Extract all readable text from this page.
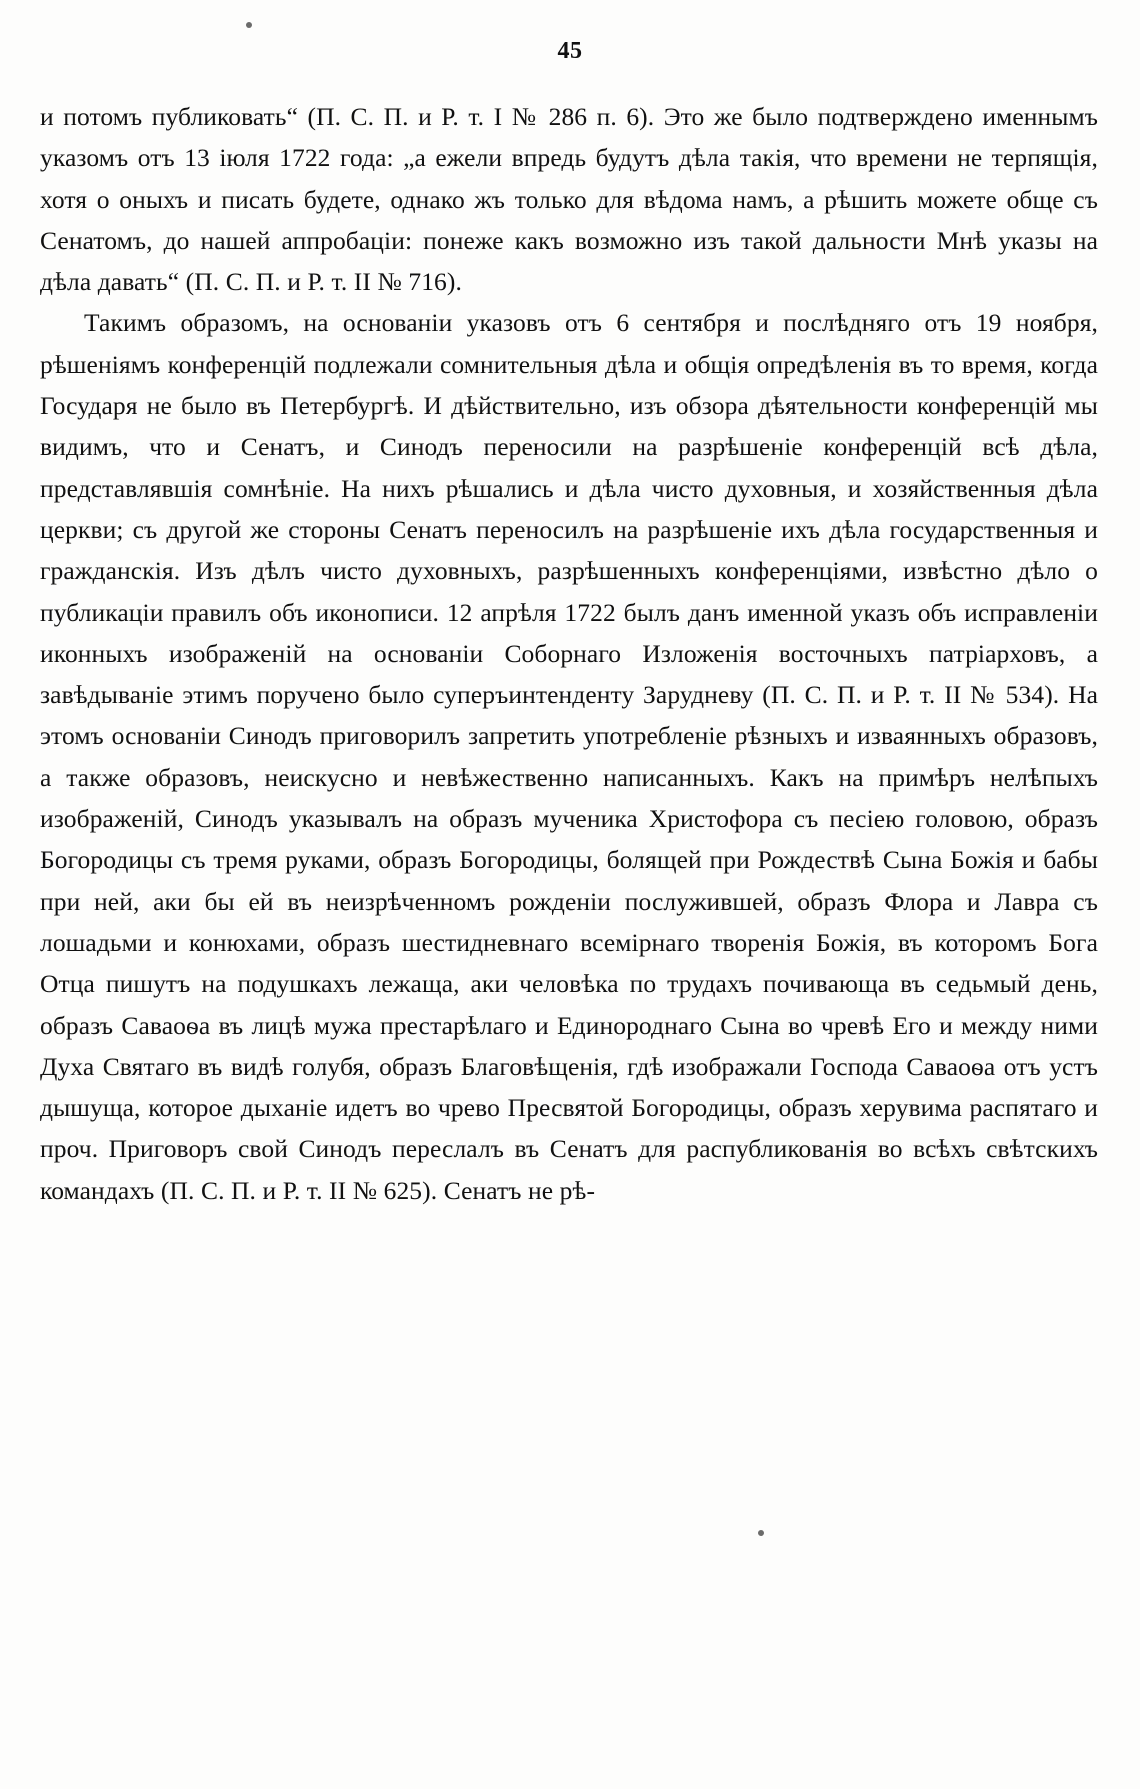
45

и потомъ публиковать“ (П. С. П. и Р. т. I № 286 п. 6). Это же было подтверждено именнымъ указомъ отъ 13 іюля 1722 года: „а ежели впредь будутъ дѣла такія, что времени не терпящія, хотя о оныхъ и писать будете, однако жъ только для вѣдома намъ, а рѣшить можете обще съ Сенатомъ, до нашей аппробаціи: понеже какъ возможно изъ такой дальности Мнѣ указы на дѣла давать“ (П. С. П. и Р. т. II № 716).

Такимъ образомъ, на основаніи указовъ отъ 6 сентября и послѣдняго отъ 19 ноября, рѣшеніямъ конференцій подлежали сомнительныя дѣла и общія опредѣленія въ то время, когда Государя не было въ Петербургѣ. И дѣйствительно, изъ обзора дѣятельности конференцій мы видимъ, что и Сенатъ, и Синодъ переносили на разрѣшеніе конференцій всѣ дѣла, представлявшія сомнѣніе. На нихъ рѣшались и дѣла чисто духовныя, и хозяйственныя дѣла церкви; съ другой же стороны Сенатъ переносилъ на разрѣшеніе ихъ дѣла государственныя и гражданскія. Изъ дѣлъ чисто духовныхъ, разрѣшенныхъ конференціями, извѣстно дѣло о публикаціи правилъ объ иконописи. 12 апрѣля 1722 былъ данъ именной указъ объ исправленіи иконныхъ изображеній на основаніи Соборнаго Изложенія восточныхъ патріарховъ, а завѣдываніе этимъ поручено было суперъинтенденту Зарудневу (П. С. П. и Р. т. II № 534). На этомъ основаніи Синодъ приговорилъ запретить употребленіе рѣзныхъ и изваянныхъ образовъ, а также образовъ, неискусно и невѣжественно написанныхъ. Какъ на примѣръ нелѣпыхъ изображеній, Синодъ указывалъ на образъ мученика Христофора съ песіею головою, образъ Богородицы съ тремя руками, образъ Богородицы, болящей при Рождествѣ Сына Божія и бабы при ней, аки бы ей въ неизрѣченномъ рожденіи послужившей, образъ Флора и Лавра съ лошадьми и конюхами, образъ шестидневнаго всемірнаго творенія Божія, въ которомъ Бога Отца пишутъ на подушкахъ лежаща, аки человѣка по трудахъ почивающа въ седьмый день, образъ Саваоѳа въ лицѣ мужа престарѣлаго и Единороднаго Сына во чревѣ Его и между ними Духа Святаго въ видѣ голубя, образъ Благовѣщенія, гдѣ изображали Господа Саваоѳа отъ устъ дышуща, которое дыханіе идетъ во чрево Пресвятой Богородицы, образъ херувима распятаго и проч. Приговоръ свой Синодъ переслалъ въ Сенатъ для распубликованія во всѣхъ свѣтскихъ командахъ (П. С. П. и Р. т. II № 625). Сенатъ не рѣ-
